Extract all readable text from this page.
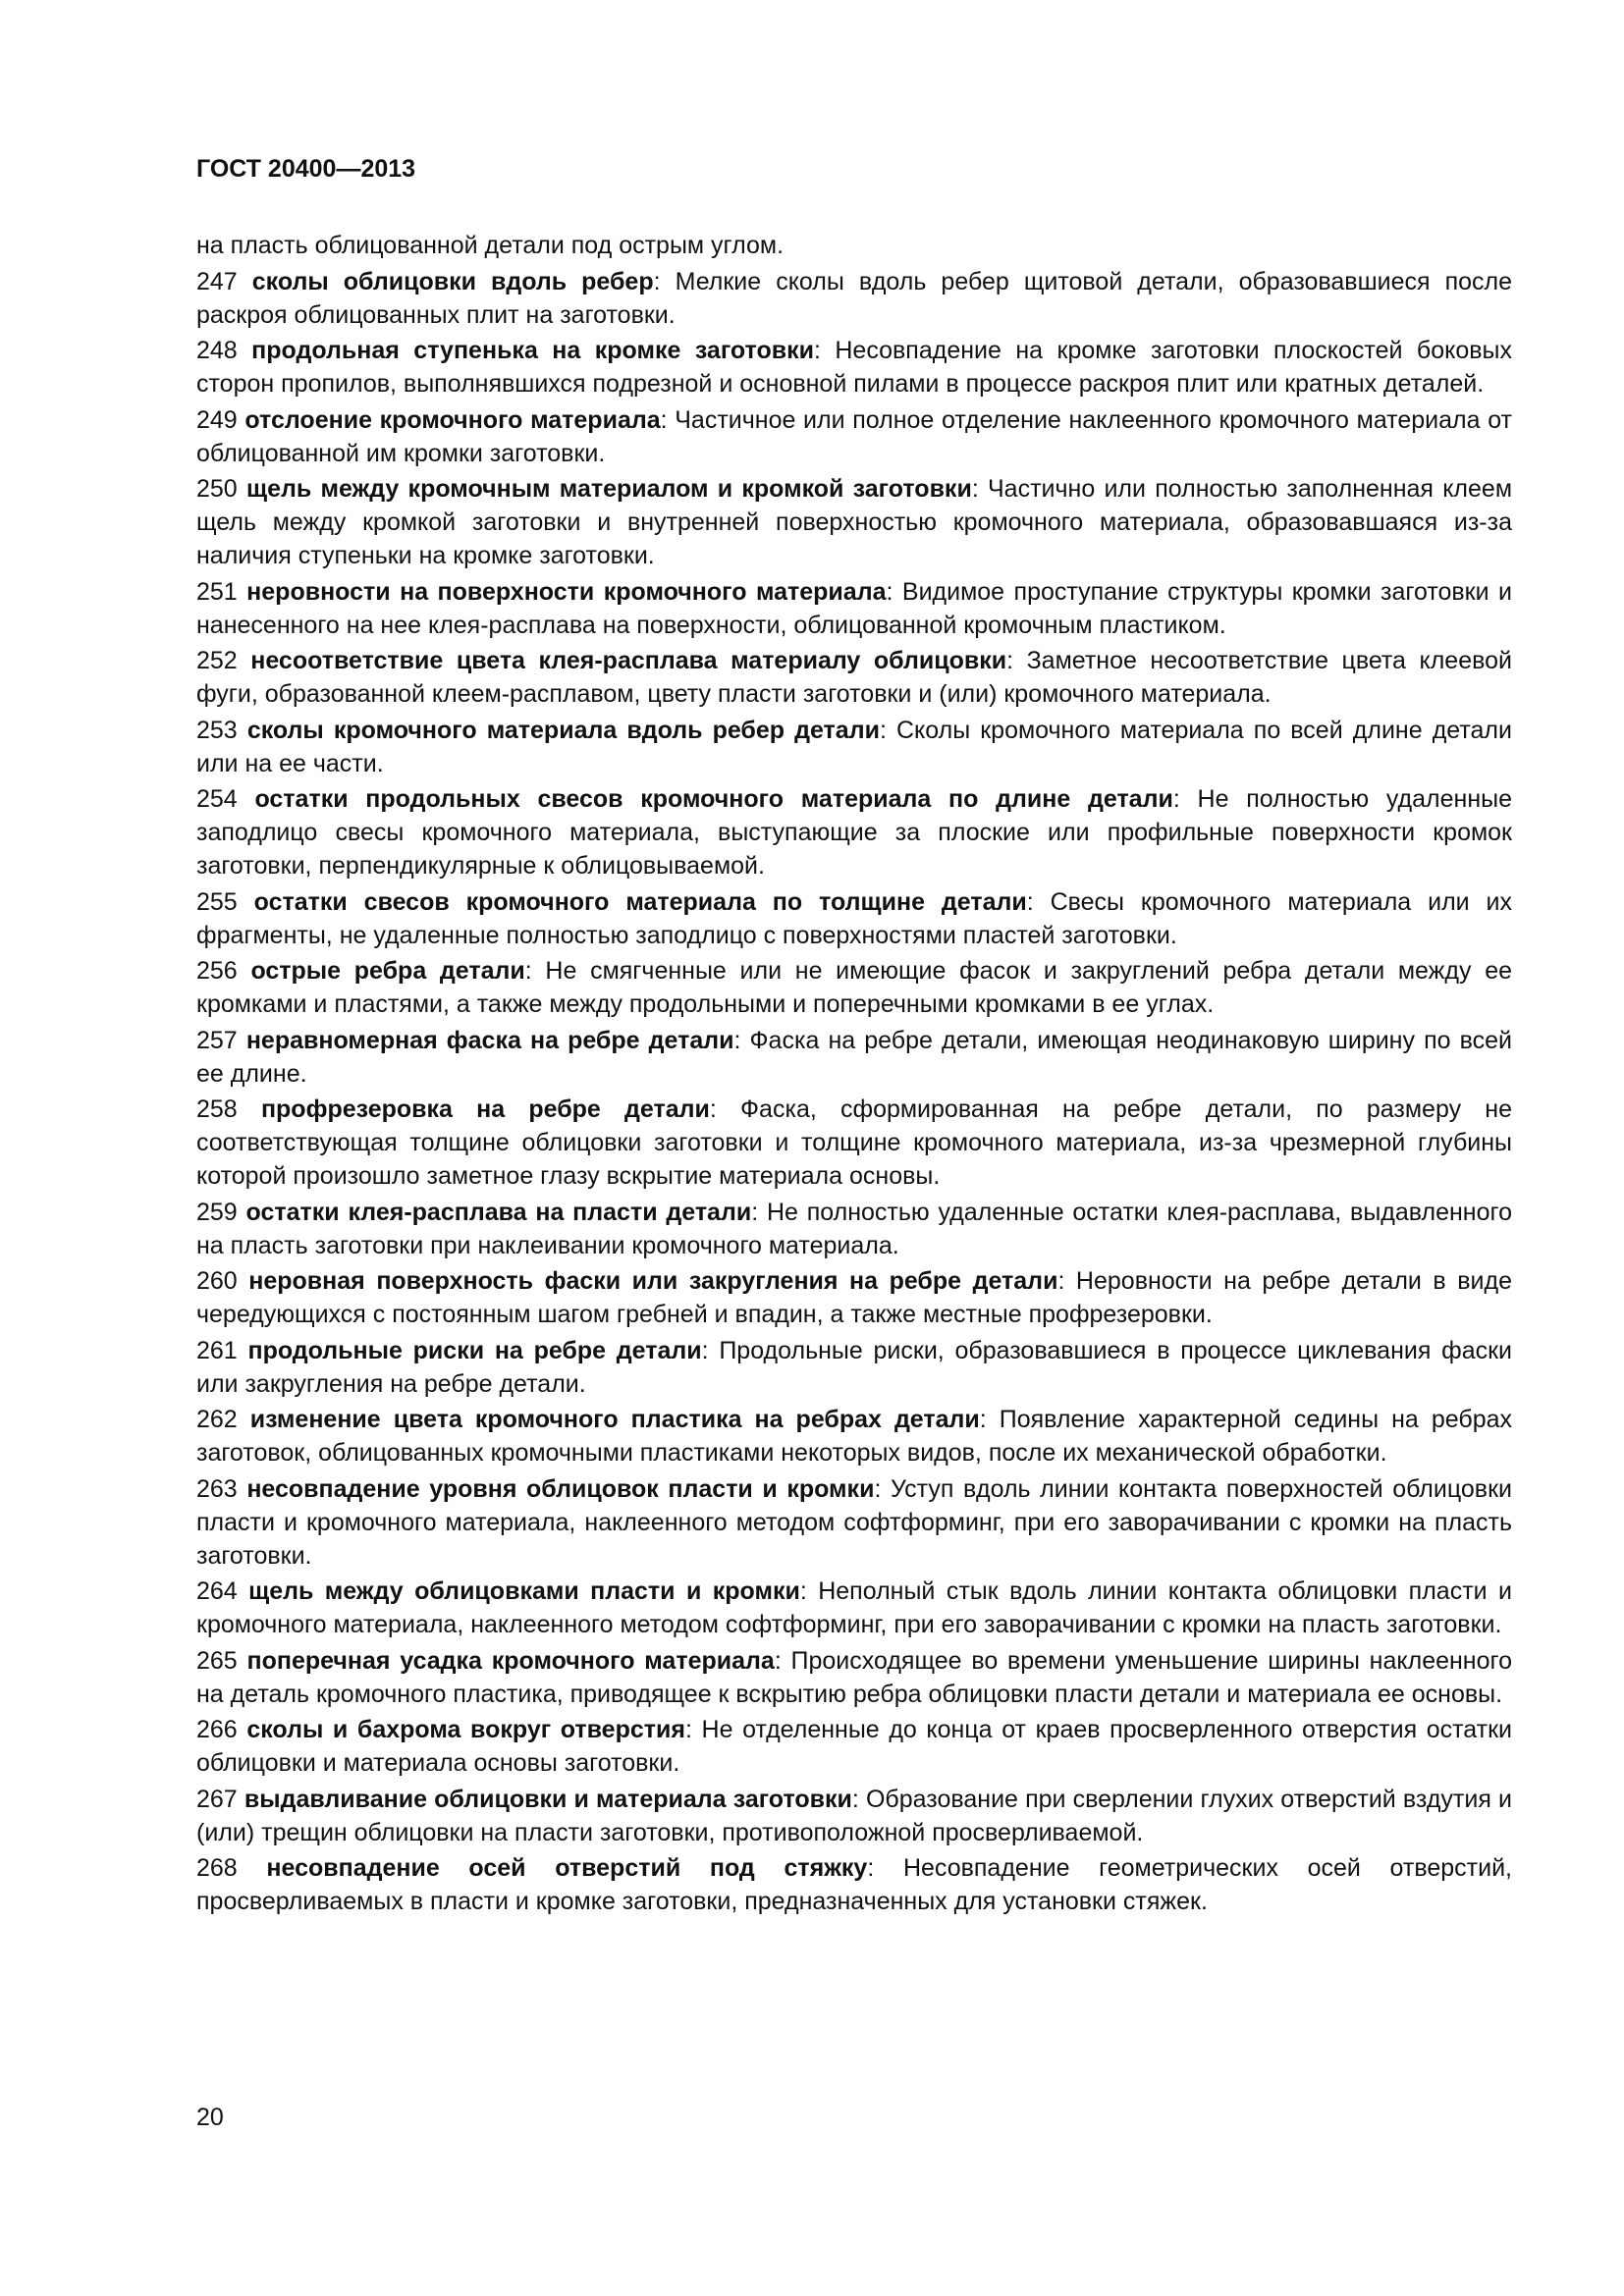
ГОСТ 20400—2013

на пласть облицованной детали под острым углом.

247 сколы облицовки вдоль ребер: Мелкие сколы вдоль ребер щитовой детали, образовавшиеся после раскроя облицованных плит на заготовки.

248 продольная ступенька на кромке заготовки: Несовпадение на кромке заготовки плоскостей боковых сторон пропилов, выполнявшихся подрезной и основной пилами в процессе раскроя плит или кратных деталей.

249 отслоение кромочного материала: Частичное или полное отделение наклеенного кромочного материала от облицованной им кромки заготовки.

250 щель между кромочным материалом и кромкой заготовки: Частично или полностью заполненная клеем щель между кромкой заготовки и внутренней поверхностью кромочного материала, образовавшаяся из-за наличия ступеньки на кромке заготовки.

251 неровности на поверхности кромочного материала: Видимое проступание структуры кромки заготовки и нанесенного на нее клея-расплава на поверхности, облицованной кромочным пластиком.

252 несоответствие цвета клея-расплава материалу облицовки: Заметное несоответствие цвета клеевой фуги, образованной клеем-расплавом, цвету пласти заготовки и (или) кромочного материала.

253 сколы кромочного материала вдоль ребер детали: Сколы кромочного материала по всей длине детали или на ее части.

254 остатки продольных свесов кромочного материала по длине детали: Не полностью удаленные заподлицо свесы кромочного материала, выступающие за плоские или профильные поверхности кромок заготовки, перпендикулярные к облицовываемой.

255 остатки свесов кромочного материала по толщине детали: Свесы кромочного материала или их фрагменты, не удаленные полностью заподлицо с поверхностями пластей заготовки.

256 острые ребра детали: Не смягченные или не имеющие фасок и закруглений ребра детали между ее кромками и пластями, а также между продольными и поперечными кромками в ее углах.

257 неравномерная фаска на ребре детали: Фаска на ребре детали, имеющая неодинаковую ширину по всей ее длине.

258 профрезеровка на ребре детали: Фаска, сформированная на ребре детали, по размеру не соответствующая толщине облицовки заготовки и толщине кромочного материала, из-за чрезмерной глубины которой произошло заметное глазу вскрытие материала основы.

259 остатки клея-расплава на пласти детали: Не полностью удаленные остатки клея-расплава, выдавленного на пласть заготовки при наклеивании кромочного материала.

260 неровная поверхность фаски или закругления на ребре детали: Неровности на ребре детали в виде чередующихся с постоянным шагом гребней и впадин, а также местные профрезеровки.

261 продольные риски на ребре детали: Продольные риски, образовавшиеся в процессе циклевания фаски или закругления на ребре детали.

262 изменение цвета кромочного пластика на ребрах детали: Появление характерной седины на ребрах заготовок, облицованных кромочными пластиками некоторых видов, после их механической обработки.

263 несовпадение уровня облицовок пласти и кромки: Уступ вдоль линии контакта поверхностей облицовки пласти и кромочного материала, наклеенного методом софтформинг, при его заворачивании с кромки на пласть заготовки.

264 щель между облицовками пласти и кромки: Неполный стык вдоль линии контакта облицовки пласти и кромочного материала, наклеенного методом софтформинг, при его заворачивании с кромки на пласть заготовки.

265 поперечная усадка кромочного материала: Происходящее во времени уменьшение ширины наклеенного на деталь кромочного пластика, приводящее к вскрытию ребра облицовки пласти детали и материала ее основы.

266 сколы и бахрома вокруг отверстия: Не отделенные до конца от краев просверленного отверстия остатки облицовки и материала основы заготовки.

267 выдавливание облицовки и материала заготовки: Образование при сверлении глухих отверстий вздутия и (или) трещин облицовки на пласти заготовки, противоположной просверливаемой.

268 несовпадение осей отверстий под стяжку: Несовпадение геометрических осей отверстий, просверливаемых в пласти и кромке заготовки, предназначенных для установки стяжек.

20
